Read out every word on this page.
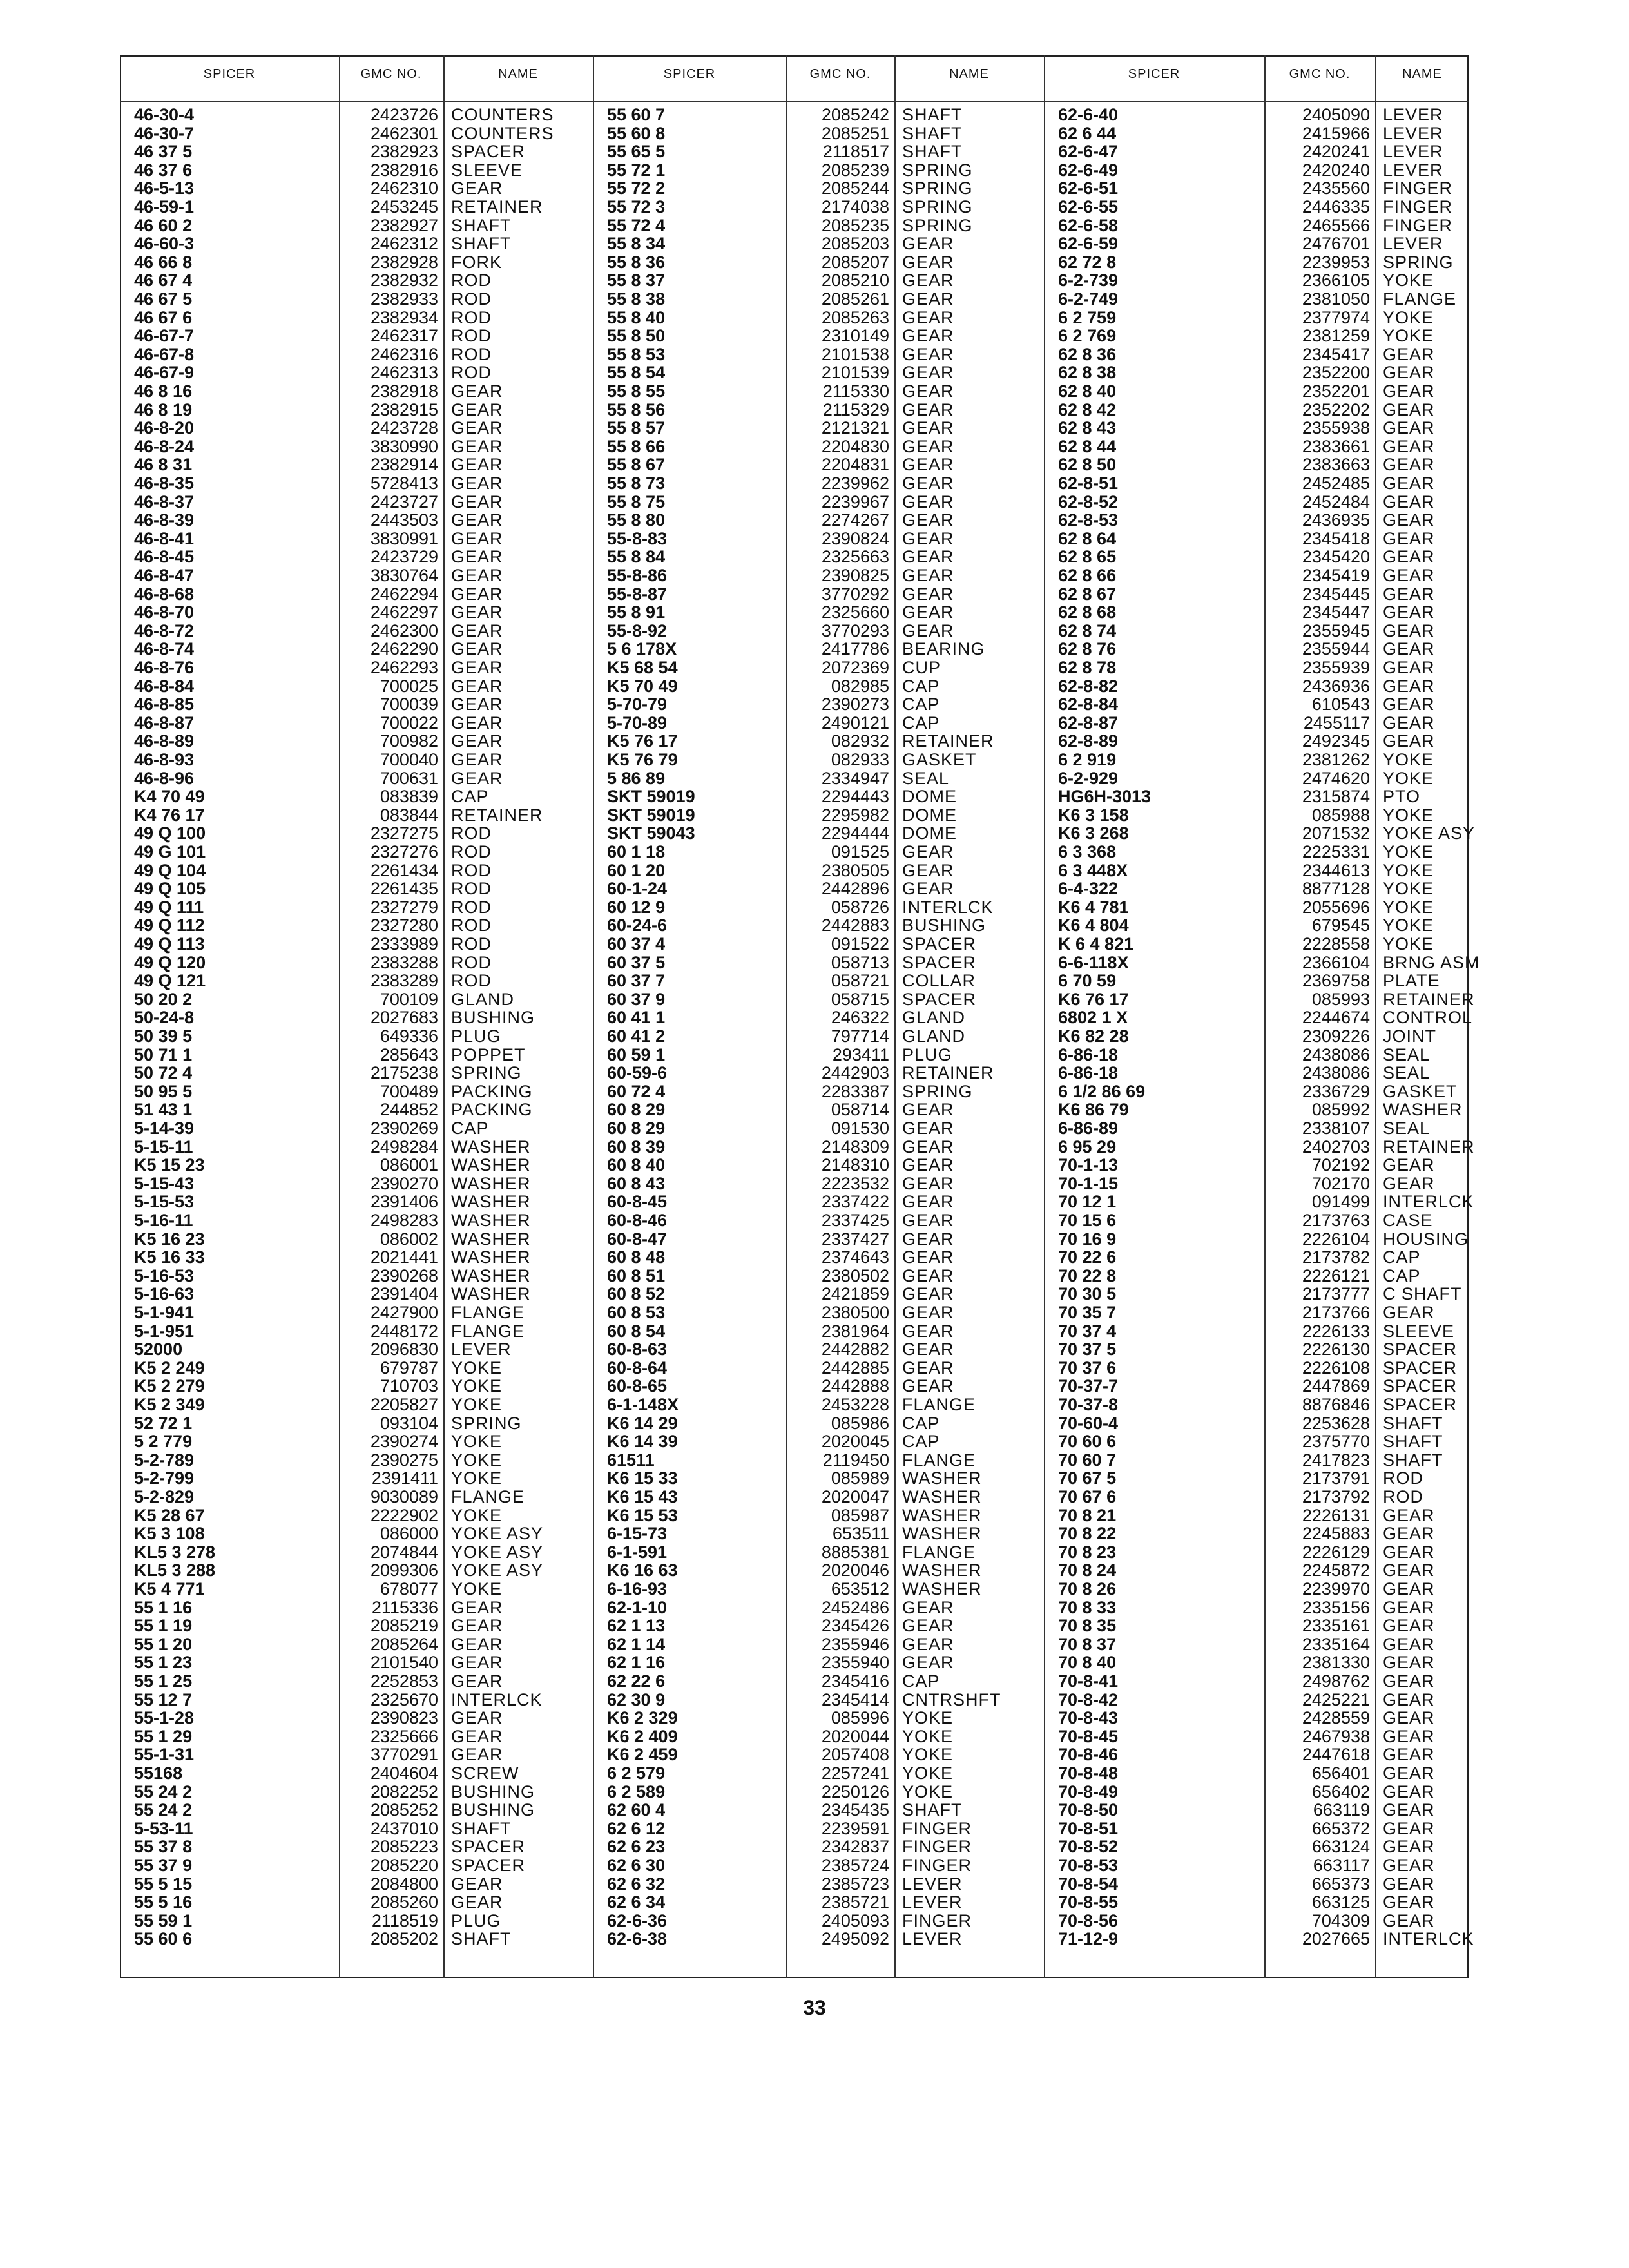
SPICER	GMC NO.	NAME	SPICER	GMC NO.	NAME	SPICER	GMC NO.	NAME
46-30-4	2423726 COUNTERS
46-30-7	2462301 COUNTERS
46 37 5	2382923 SPACER
46 37 6	2382916 SLEEVE
46-5-13	2462310 GEAR
46-59-1	2453245 RETAINER
46 60 2	2382927 SHAFT
46-60-3	2462312 SHAFT
46 66 8	2382928 FORK
46 67 4	2382932 ROD
46 67 5	2382933 ROD
46 67 6	2382934 ROD
46-67-7	2462317 ROD
46-67-8	2462316 ROD
46-67-9	2462313 ROD
46 8 16	2382918 GEAR
46 8 19	2382915 GEAR
46-8-20	2423728 GEAR
46-8-24	3830990 GEAR
46 8 31	2382914 GEAR
46-8-35	5728413 GEAR
46-8-37	2423727 GEAR
46-8-39	2443503 GEAR
46-8-41	3830991 GEAR
46-8-45	2423729 GEAR
46-8-47	3830764 GEAR
46-8-68	2462294 GEAR
46-8-70	2462297 GEAR
46-8-72	2462300 GEAR
46-8-74	2462290 GEAR
46-8-76	2462293 GEAR
46-8-84	700025 GEAR
46-8-85	700039 GEAR
46-8-87	700022 GEAR
46-8-89	700982 GEAR
46-8-93	700040 GEAR
46-8-96	700631 GEAR
K4 70 49	083839 CAP
K4 76 17	083844 RETAINER
49 Q 100	2327275 ROD
49 G 101	2327276 ROD
49 Q 104	2261434 ROD
49 Q 105	2261435 ROD
49 Q 111	2327279 ROD
49 Q 112	2327280 ROD
49 Q 113	2333989 ROD
49 Q 120	2383288 ROD
49 Q 121	2383289 ROD
50 20 2	700109 GLAND
50-24-8	2027683 BUSHING
50 39 5	649336 PLUG
50 71 1	285643 POPPET
50 72 4	2175238 SPRING
50 95 5	700489 PACKING
51 43 1	244852 PACKING
5-14-39	2390269 CAP
5-15-11	2498284 WASHER
K5 15 23	086001 WASHER
5-15-43	2390270 WASHER
5-15-53	2391406 WASHER
5-16-11	2498283 WASHER
K5 16 23	086002 WASHER
K5 16 33	2021441 WASHER
5-16-53	2390268 WASHER
5-16-63	2391404 WASHER
5-1-941	2427900 FLANGE
5-1-951	2448172 FLANGE
52000	2096830 LEVER
K5 2 249	679787 YOKE
K5 2 279	710703 YOKE
K5 2 349	2205827 YOKE
52 72 1	093104 SPRING
5 2 779	2390274 YOKE
5-2-789	2390275 YOKE
5-2-799	2391411 YOKE
5-2-829	9030089 FLANGE
K5 28 67	2222902 YOKE
K5 3 108	086000 YOKE ASY
KL5 3 278	2074844 YOKE ASY
KL5 3 288	2099306 YOKE ASY
K5 4 771	678077 YOKE
55 1 16	2115336 GEAR
55 1 19	2085219 GEAR
55 1 20	2085264 GEAR
55 1 23	2101540 GEAR
55 1 25	2252853 GEAR
55 12 7	2325670 INTERLCK
55-1-28	2390823 GEAR
55 1 29	2325666 GEAR
55-1-31	3770291 GEAR
55168	2404604 SCREW
55 24 2	2082252 BUSHING
55 24 2	2085252 BUSHING
5-53-11	2437010 SHAFT
55 37 8	2085223 SPACER
55 37 9	2085220 SPACER
55 5 15	2084800 GEAR
55 5 16	2085260 GEAR
55 59 1	2118519 PLUG
55 60 6	2085202 SHAFT
55 60 7	2085242 SHAFT
55 60 8	2085251 SHAFT
55 65 5	2118517 SHAFT
55 72 1	2085239 SPRING
55 72 2	2085244 SPRING
55 72 3	2174038 SPRING
55 72 4	2085235 SPRING
55 8 34	2085203 GEAR
55 8 36	2085207 GEAR
55 8 37	2085210 GEAR
55 8 38	2085261 GEAR
55 8 40	2085263 GEAR
55 8 50	2310149 GEAR
55 8 53	2101538 GEAR
55 8 54	2101539 GEAR
55 8 55	2115330 GEAR
55 8 56	2115329 GEAR
55 8 57	2121321 GEAR
55 8 66	2204830 GEAR
55 8 67	2204831 GEAR
55 8 73	2239962 GEAR
55 8 75	2239967 GEAR
55 8 80	2274267 GEAR
55-8-83	2390824 GEAR
55 8 84	2325663 GEAR
55-8-86	2390825 GEAR
55-8-87	3770292 GEAR
55 8 91	2325660 GEAR
55-8-92	3770293 GEAR
5 6 178X	2417786 BEARING
K5 68 54	2072369 CUP
K5 70 49	082985 CAP
5-70-79	2390273 CAP
5-70-89	2490121 CAP
K5 76 17	082932 RETAINER
K5 76 79	082933 GASKET
5 86 89	2334947 SEAL
SKT 59019	2294443 DOME
SKT 59019	2295982 DOME
SKT 59043	2294444 DOME
60 1 18	091525 GEAR
60 1 20	2380505 GEAR
60-1-24	2442896 GEAR
60 12 9	058726 INTERLCK
60-24-6	2442883 BUSHING
60 37 4	091522 SPACER
60 37 5	058713 SPACER
60 37 7	058721 COLLAR
60 37 9	058715 SPACER
60 41 1	246322 GLAND
60 41 2	797714 GLAND
60 59 1	293411 PLUG
60-59-6	2442903 RETAINER
60 72 4	2283387 SPRING
60 8 29	058714 GEAR
60 8 29	091530 GEAR
60 8 39	2148309 GEAR
60 8 40	2148310 GEAR
60 8 43	2223532 GEAR
60-8-45	2337422 GEAR
60-8-46	2337425 GEAR
60-8-47	2337427 GEAR
60 8 48	2374643 GEAR
60 8 51	2380502 GEAR
60 8 52	2421859 GEAR
60 8 53	2380500 GEAR
60 8 54	2381964 GEAR
60-8-63	2442882 GEAR
60-8-64	2442885 GEAR
60-8-65	2442888 GEAR
6-1-148X	2453228 FLANGE
K6 14 29	085986 CAP
K6 14 39	2020045 CAP
61511	2119450 FLANGE
K6 15 33	085989 WASHER
K6 15 43	2020047 WASHER
K6 15 53	085987 WASHER
6-15-73	653511 WASHER
6-1-591	8885381 FLANGE
K6 16 63	2020046 WASHER
6-16-93	653512 WASHER
62-1-10	2452486 GEAR
62 1 13	2345426 GEAR
62 1 14	2355946 GEAR
62 1 16	2355940 GEAR
62 22 6	2345416 CAP
62 30 9	2345414 CNTRSHFT
K6 2 329	085996 YOKE
K6 2 409	2020044 YOKE
K6 2 459	2057408 YOKE
6 2 579	2257241 YOKE
6 2 589	2250126 YOKE
62 60 4	2345435 SHAFT
62 6 12	2239591 FINGER
62 6 23	2342837 FINGER
62 6 30	2385724 FINGER
62 6 32	2385723 LEVER
62 6 34	2385721 LEVER
62-6-36	2405093 FINGER
62-6-38	2495092 LEVER
62-6-40	2405090 LEVER
62 6 44	2415966 LEVER
62-6-47	2420241 LEVER
62-6-49	2420240 LEVER
62-6-51	2435560 FINGER
62-6-55	2446335 FINGER
62-6-58	2465566 FINGER
62-6-59	2476701 LEVER
62 72 8	2239953 SPRING
6-2-739	2366105 YOKE
6-2-749	2381050 FLANGE
6 2 759	2377974 YOKE
6 2 769	2381259 YOKE
62 8 36	2345417 GEAR
62 8 38	2352200 GEAR
62 8 40	2352201 GEAR
62 8 42	2352202 GEAR
62 8 43	2355938 GEAR
62 8 44	2383661 GEAR
62 8 50	2383663 GEAR
62-8-51	2452485 GEAR
62-8-52	2452484 GEAR
62-8-53	2436935 GEAR
62 8 64	2345418 GEAR
62 8 65	2345420 GEAR
62 8 66	2345419 GEAR
62 8 67	2345445 GEAR
62 8 68	2345447 GEAR
62 8 74	2355945 GEAR
62 8 76	2355944 GEAR
62 8 78	2355939 GEAR
62-8-82	2436936 GEAR
62-8-84	610543 GEAR
62-8-87	2455117 GEAR
62-8-89	2492345 GEAR
6 2 919	2381262 YOKE
6-2-929	2474620 YOKE
HG6H-3013	2315874 PTO
K6 3 158	085988 YOKE
K6 3 268	2071532 YOKE ASY
6 3 368	2225331 YOKE
6 3 448X	2344613 YOKE
6-4-322	8877128 YOKE
K6 4 781	2055696 YOKE
K6 4 804	679545 YOKE
K 6 4 821	2228558 YOKE
6-6-118X	2366104 BRNG ASM
6 70 59	2369758 PLATE
K6 76 17	085993 RETAINER
6802 1 X	2244674 CONTROL
K6 82 28	2309226 JOINT
6-86-18	2438086 SEAL
6-86-18	2438086 SEAL
6 1/2 86 69	2336729 GASKET
K6 86 79	085992 WASHER
6-86-89	2338107 SEAL
6 95 29	2402703 RETAINER
70-1-13	702192 GEAR
70-1-15	702170 GEAR
70 12 1	091499 INTERLCK
70 15 6	2173763 CASE
70 16 9	2226104 HOUSING
70 22 6	2173782 CAP
70 22 8	2226121 CAP
70 30 5	2173777 C SHAFT
70 35 7	2173766 GEAR
70 37 4	2226133 SLEEVE
70 37 5	2226130 SPACER
70 37 6	2226108 SPACER
70-37-7	2447869 SPACER
70-37-8	8876846 SPACER
70-60-4	2253628 SHAFT
70 60 6	2375770 SHAFT
70 60 7	2417823 SHAFT
70 67 5	2173791 ROD
70 67 6	2173792 ROD
70 8 21	2226131 GEAR
70 8 22	2245883 GEAR
70 8 23	2226129 GEAR
70 8 24	2245872 GEAR
70 8 26	2239970 GEAR
70 8 33	2335156 GEAR
70 8 35	2335161 GEAR
70 8 37	2335164 GEAR
70 8 40	2381330 GEAR
70-8-41	2498762 GEAR
70-8-42	2425221 GEAR
70-8-43	2428559 GEAR
70-8-45	2467938 GEAR
70-8-46	2447618 GEAR
70-8-48	656401 GEAR
70-8-49	656402 GEAR
70-8-50	663119 GEAR
70-8-51	665372 GEAR
70-8-52	663124 GEAR
70-8-53	663117 GEAR
70-8-54	665373 GEAR
70-8-55	663125 GEAR
70-8-56	704309 GEAR
71-12-9	2027665 INTERLCK
33
